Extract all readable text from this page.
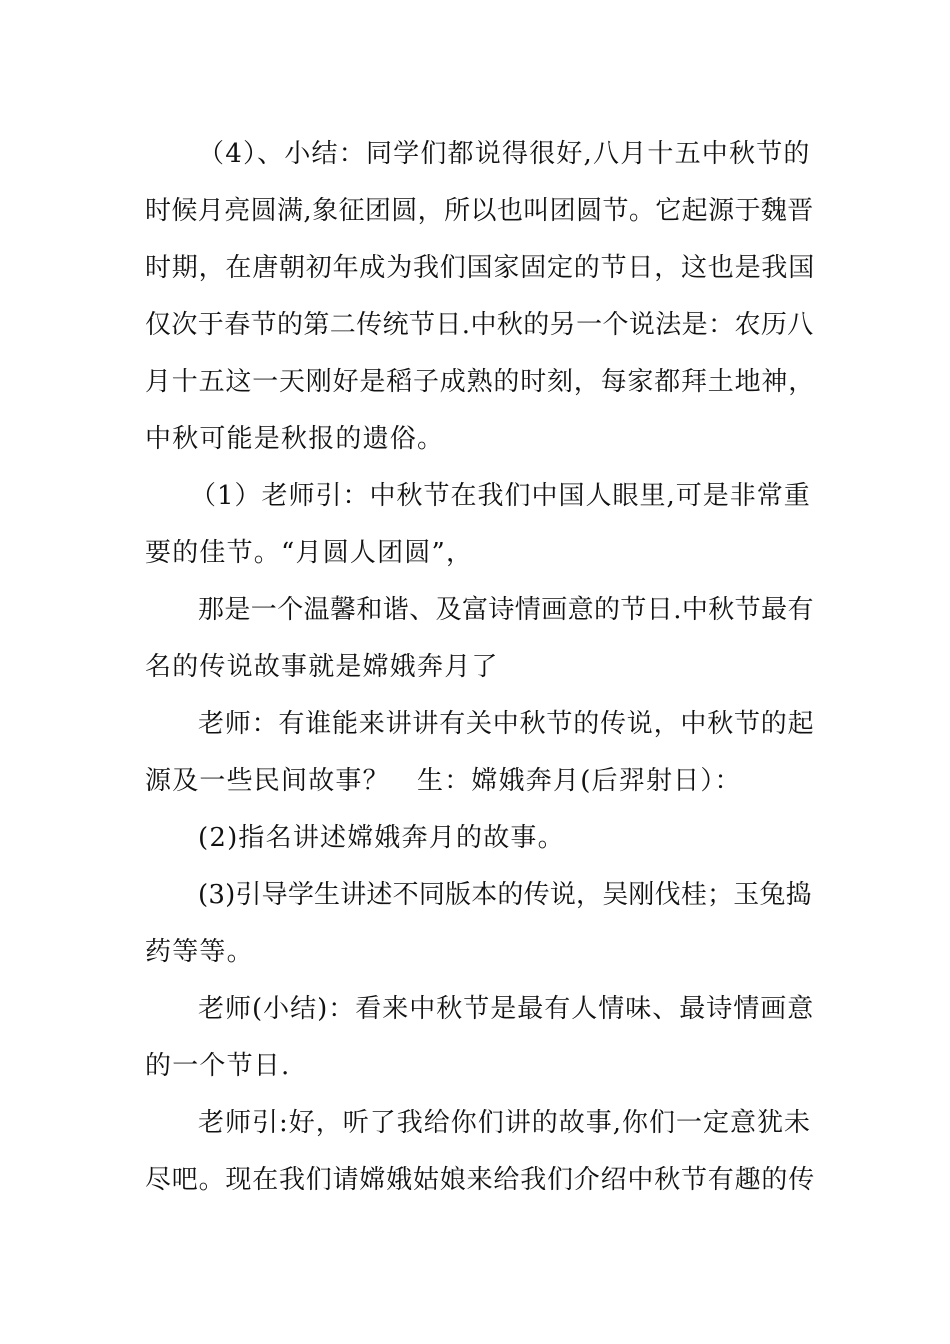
（4）、小结：同学们都说得很好,八月十五中秋节的
时候月亮圆满,象征团圆，所以也叫团圆节。它起源于魏晋
时期，在唐朝初年成为我们国家固定的节日，这也是我国
仅次于春节的第二传统节日.中秋的另一个说法是：农历八
月十五这一天刚好是稻子成熟的时刻，每家都拜土地神，
中秋可能是秋报的遗俗。
（1）老师引：中秋节在我们中国人眼里,可是非常重
要的佳节。“月圆人团圆”，
那是一个温馨和谐、及富诗情画意的节日.中秋节最有
名的传说故事就是嫦娥奔月了
老师：有谁能来讲讲有关中秋节的传说，中秋节的起
源及一些民间故事？　生：嫦娥奔月(后羿射日）：
(2)指名讲述嫦娥奔月的故事。
(3)引导学生讲述不同版本的传说，吴刚伐桂；玉兔捣
药等等。
老师(小结)：看来中秋节是最有人情味、最诗情画意
的一个节日.
老师引:好，听了我给你们讲的故事,你们一定意犹未
尽吧。现在我们请嫦娥姑娘来给我们介绍中秋节有趣的传
